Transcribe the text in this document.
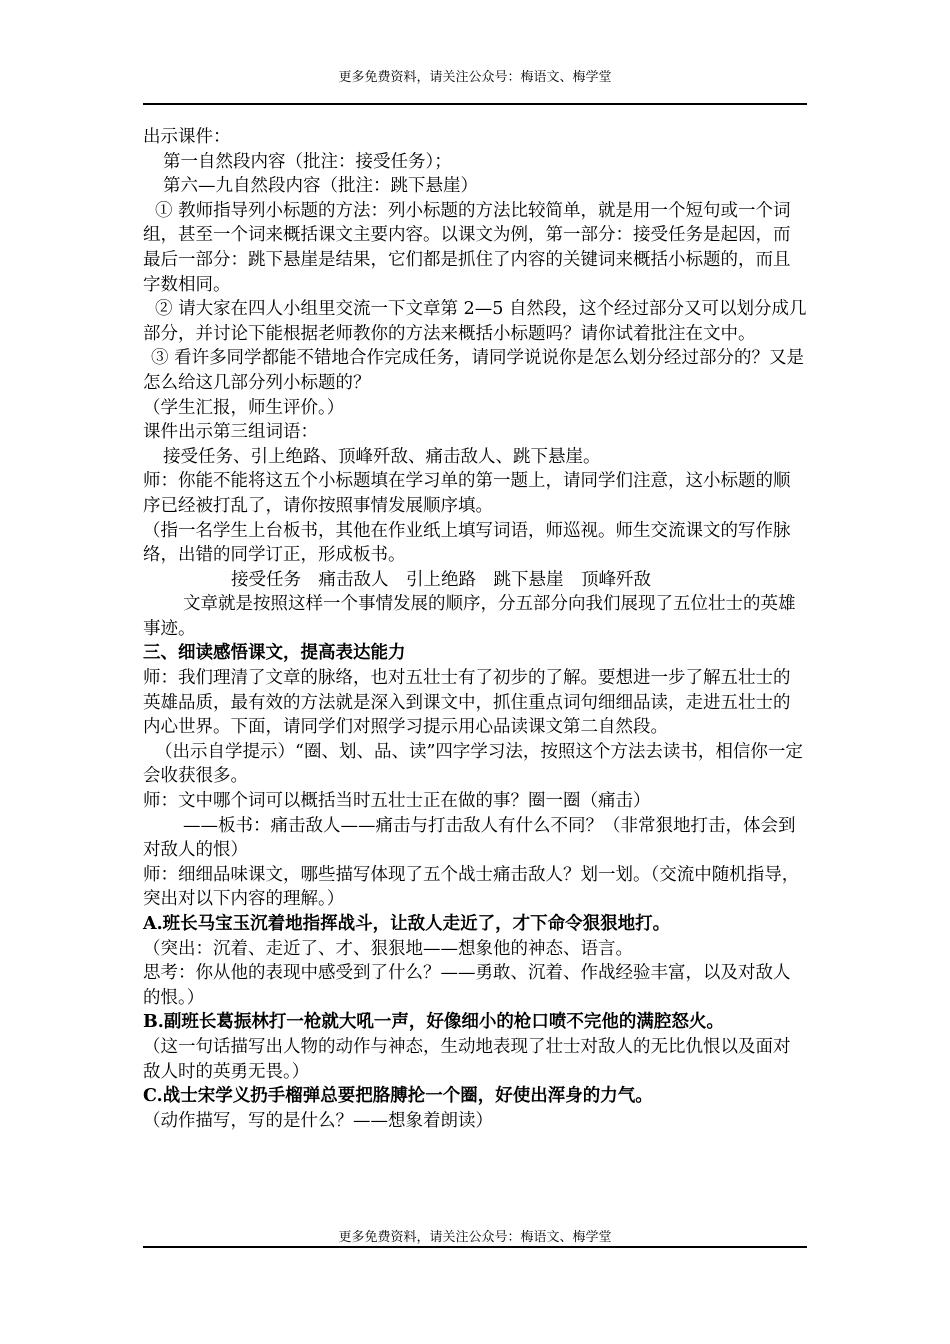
更多免费资料，请关注公众号：梅语文、梅学堂

出示课件：

第一自然段内容（批注：接受任务）；

第六—九自然段内容（批注：跳下悬崖）

① 教师指导列小标题的方法：列小标题的方法比较简单，就是用一个短句或一个词组，甚至一个词来概括课文主要内容。以课文为例，第一部分：接受任务是起因，而最后一部分：跳下悬崖是结果，它们都是抓住了内容的关键词来概括小标题的，而且字数相同。

② 请大家在四人小组里交流一下文章第 2—5 自然段，这个经过部分又可以划分成几部分，并讨论下能根据老师教你的方法来概括小标题吗？请你试着批注在文中。

③ 看许多同学都能不错地合作完成任务，请同学说说你是怎么划分经过部分的？又是怎么给这几部分列小标题的？

（学生汇报，师生评价。）

课件出示第三组词语：

接受任务、引上绝路、顶峰歼敌、痛击敌人、跳下悬崖。

师：你能不能将这五个小标题填在学习单的第一题上，请同学们注意，这小标题的顺序已经被打乱了，请你按照事情发展顺序填。

（指一名学生上台板书，其他在作业纸上填写词语，师巡视。师生交流课文的写作脉络，出错的同学订正，形成板书。

接受任务　痛击敌人　引上绝路　跳下悬崖　顶峰歼敌

文章就是按照这样一个事情发展的顺序，分五部分向我们展现了五位壮士的英雄事迹。

三、细读感悟课文，提高表达能力

师：我们理清了文章的脉络，也对五壮士有了初步的了解。要想进一步了解五壮士的英雄品质，最有效的方法就是深入到课文中，抓住重点词句细细品读，走进五壮士的内心世界。下面，请同学们对照学习提示用心品读课文第二自然段。

（出示自学提示）“圈、划、品、读”四字学习法，按照这个方法去读书，相信你一定会收获很多。

师：文中哪个词可以概括当时五壮士正在做的事？圈一圈（痛击）

——板书：痛击敌人——痛击与打击敌人有什么不同？（非常狠地打击，体会到对敌人的恨）

师：细细品味课文，哪些描写体现了五个战士痛击敌人？划一划。（交流中随机指导，突出对以下内容的理解。）

A.班长马宝玉沉着地指挥战斗，让敌人走近了，才下命令狠狠地打。

（突出：沉着、走近了、才、狠狠地——想象他的神态、语言。

思考：你从他的表现中感受到了什么？——勇敢、沉着、作战经验丰富，以及对敌人的恨。）

B.副班长葛振林打一枪就大吼一声，好像细小的枪口喷不完他的满腔怒火。

（这一句话描写出人物的动作与神态，生动地表现了壮士对敌人的无比仇恨以及面对敌人时的英勇无畏。）

C.战士宋学义扔手榴弹总要把胳膊抡一个圈，好使出浑身的力气。

（动作描写，写的是什么？——想象着朗读）

更多免费资料，请关注公众号：梅语文、梅学堂
